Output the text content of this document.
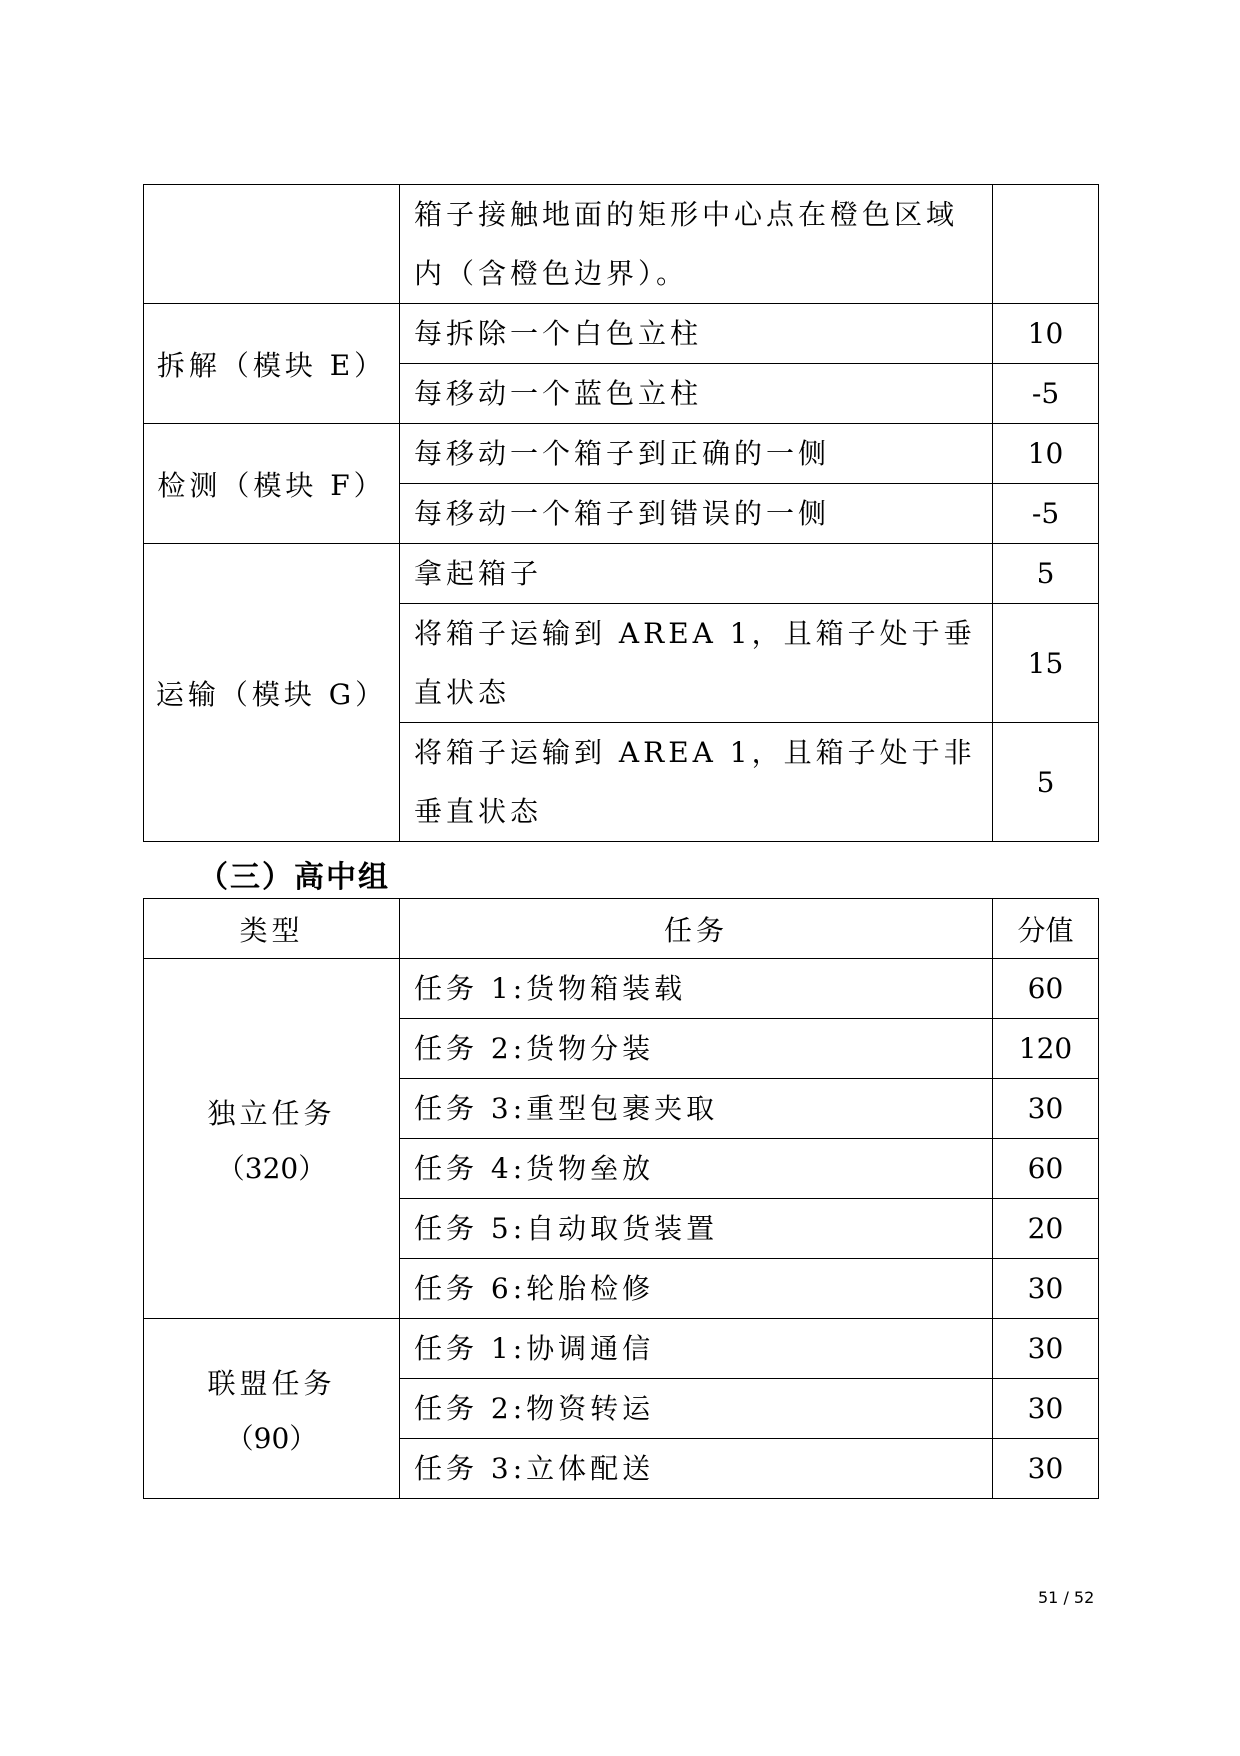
	箱子接触地面的矩形中心点在橙色区域内（含橙色边界）。	
拆解（模块 E）	每拆除一个白色立柱	10
	每移动一个蓝色立柱	-5
检测（模块 F）	每移动一个箱子到正确的一侧	10
	每移动一个箱子到错误的一侧	-5
运输（模块 G）	拿起箱子	5
	将箱子运输到 AREA 1，且箱子处于垂直状态	15
	将箱子运输到 AREA 1，且箱子处于非垂直状态	5
（三）高中组
类型	任务	分值

独立任务
（320）	任务 1:货物箱装载	60
	任务 2:货物分装	120
	任务 3:重型包裹夹取	30
	任务 4:货物垒放	60
	任务 5:自动取货装置	20
	任务 6:轮胎检修	30

联盟任务
（90）	任务 1:协调通信	30
	任务 2:物资转运	30
	任务 3:立体配送	30
51 / 52
